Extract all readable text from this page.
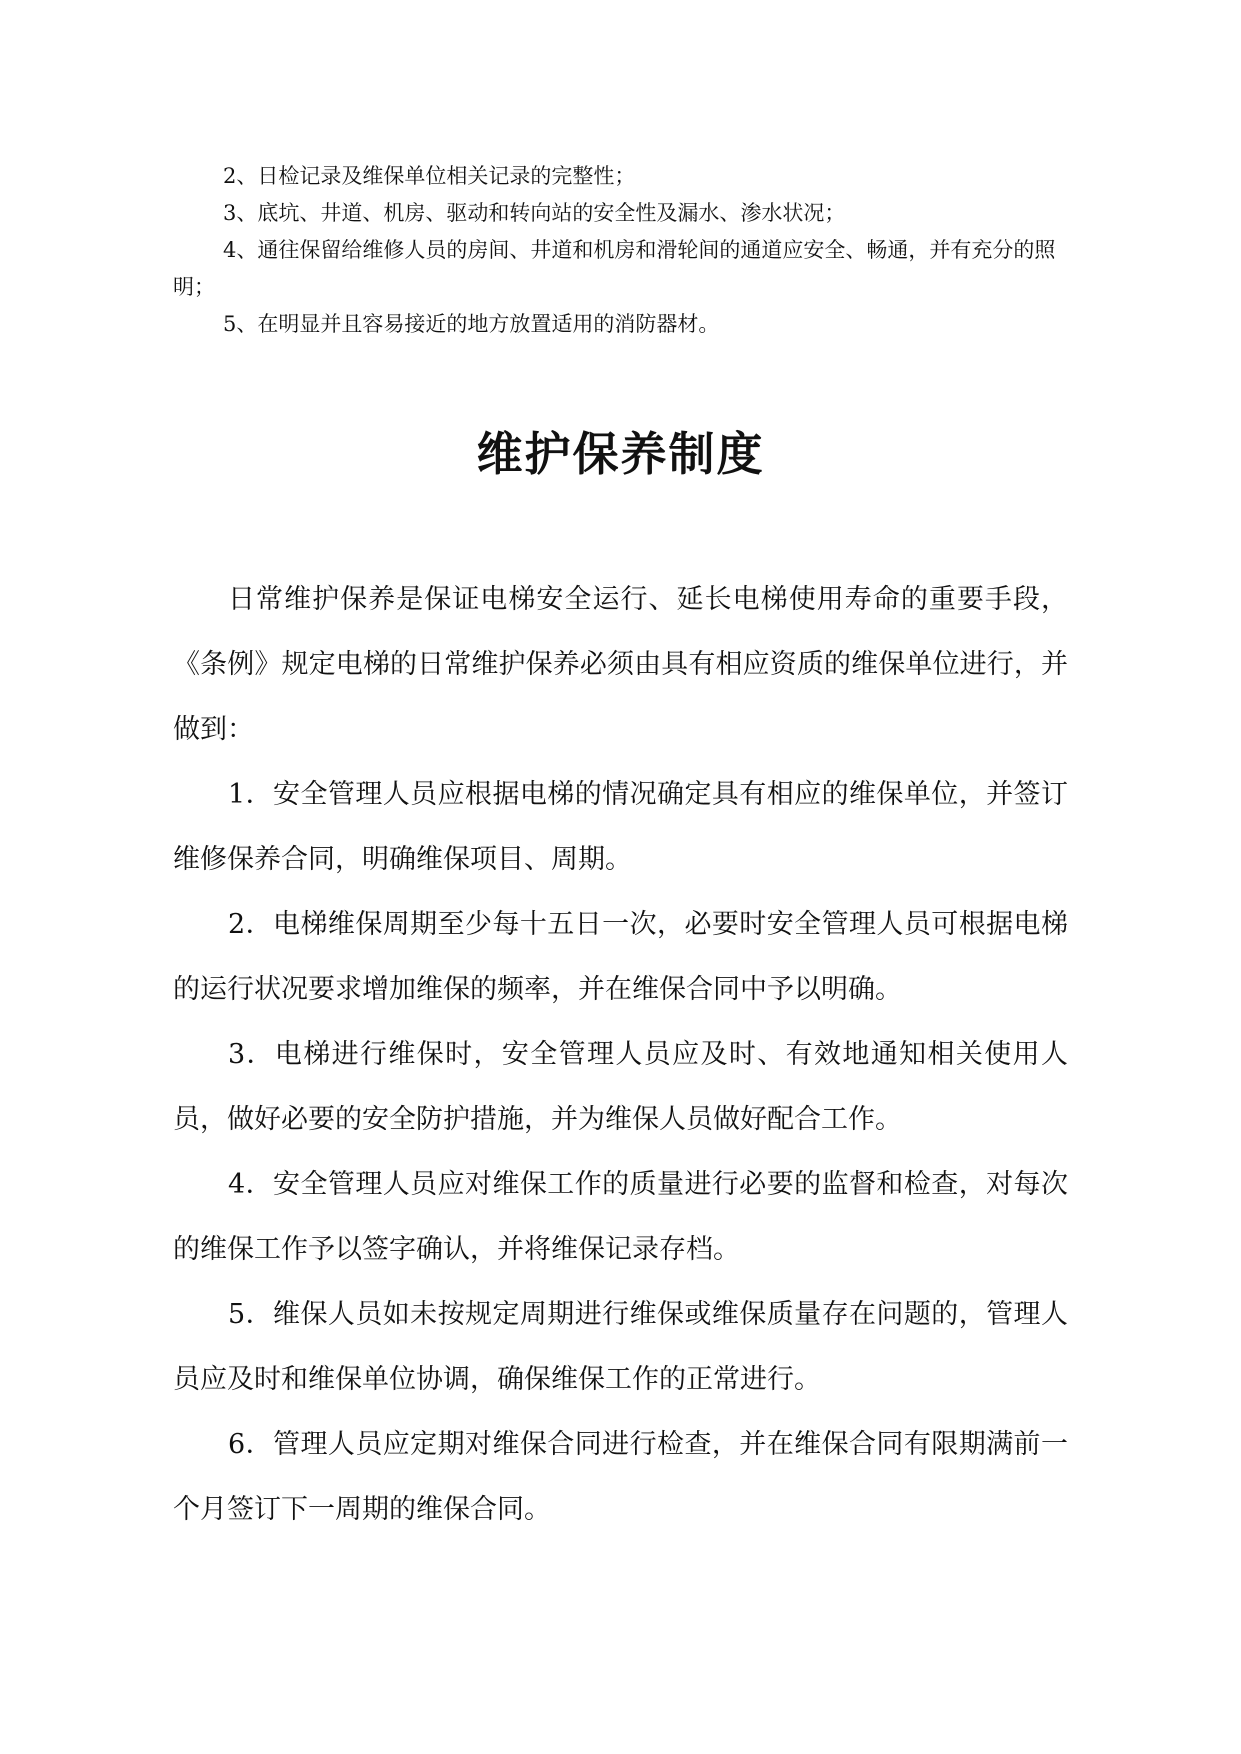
2、日检记录及维保单位相关记录的完整性；

3、底坑、井道、机房、驱动和转向站的安全性及漏水、渗水状况；

4、通往保留给维修人员的房间、井道和机房和滑轮间的通道应安全、畅通，并有充分的照明；

5、在明显并且容易接近的地方放置适用的消防器材。

维护保养制度

日常维护保养是保证电梯安全运行、延长电梯使用寿命的重要手段，《条例》规定电梯的日常维护保养必须由具有相应资质的维保单位进行，并做到：

1．安全管理人员应根据电梯的情况确定具有相应的维保单位，并签订维修保养合同，明确维保项目、周期。

2．电梯维保周期至少每十五日一次，必要时安全管理人员可根据电梯的运行状况要求增加维保的频率，并在维保合同中予以明确。

3．电梯进行维保时，安全管理人员应及时、有效地通知相关使用人员，做好必要的安全防护措施，并为维保人员做好配合工作。

4．安全管理人员应对维保工作的质量进行必要的监督和检查，对每次的维保工作予以签字确认，并将维保记录存档。

5．维保人员如未按规定周期进行维保或维保质量存在问题的，管理人员应及时和维保单位协调，确保维保工作的正常进行。

6．管理人员应定期对维保合同进行检查，并在维保合同有限期满前一个月签订下一周期的维保合同。
